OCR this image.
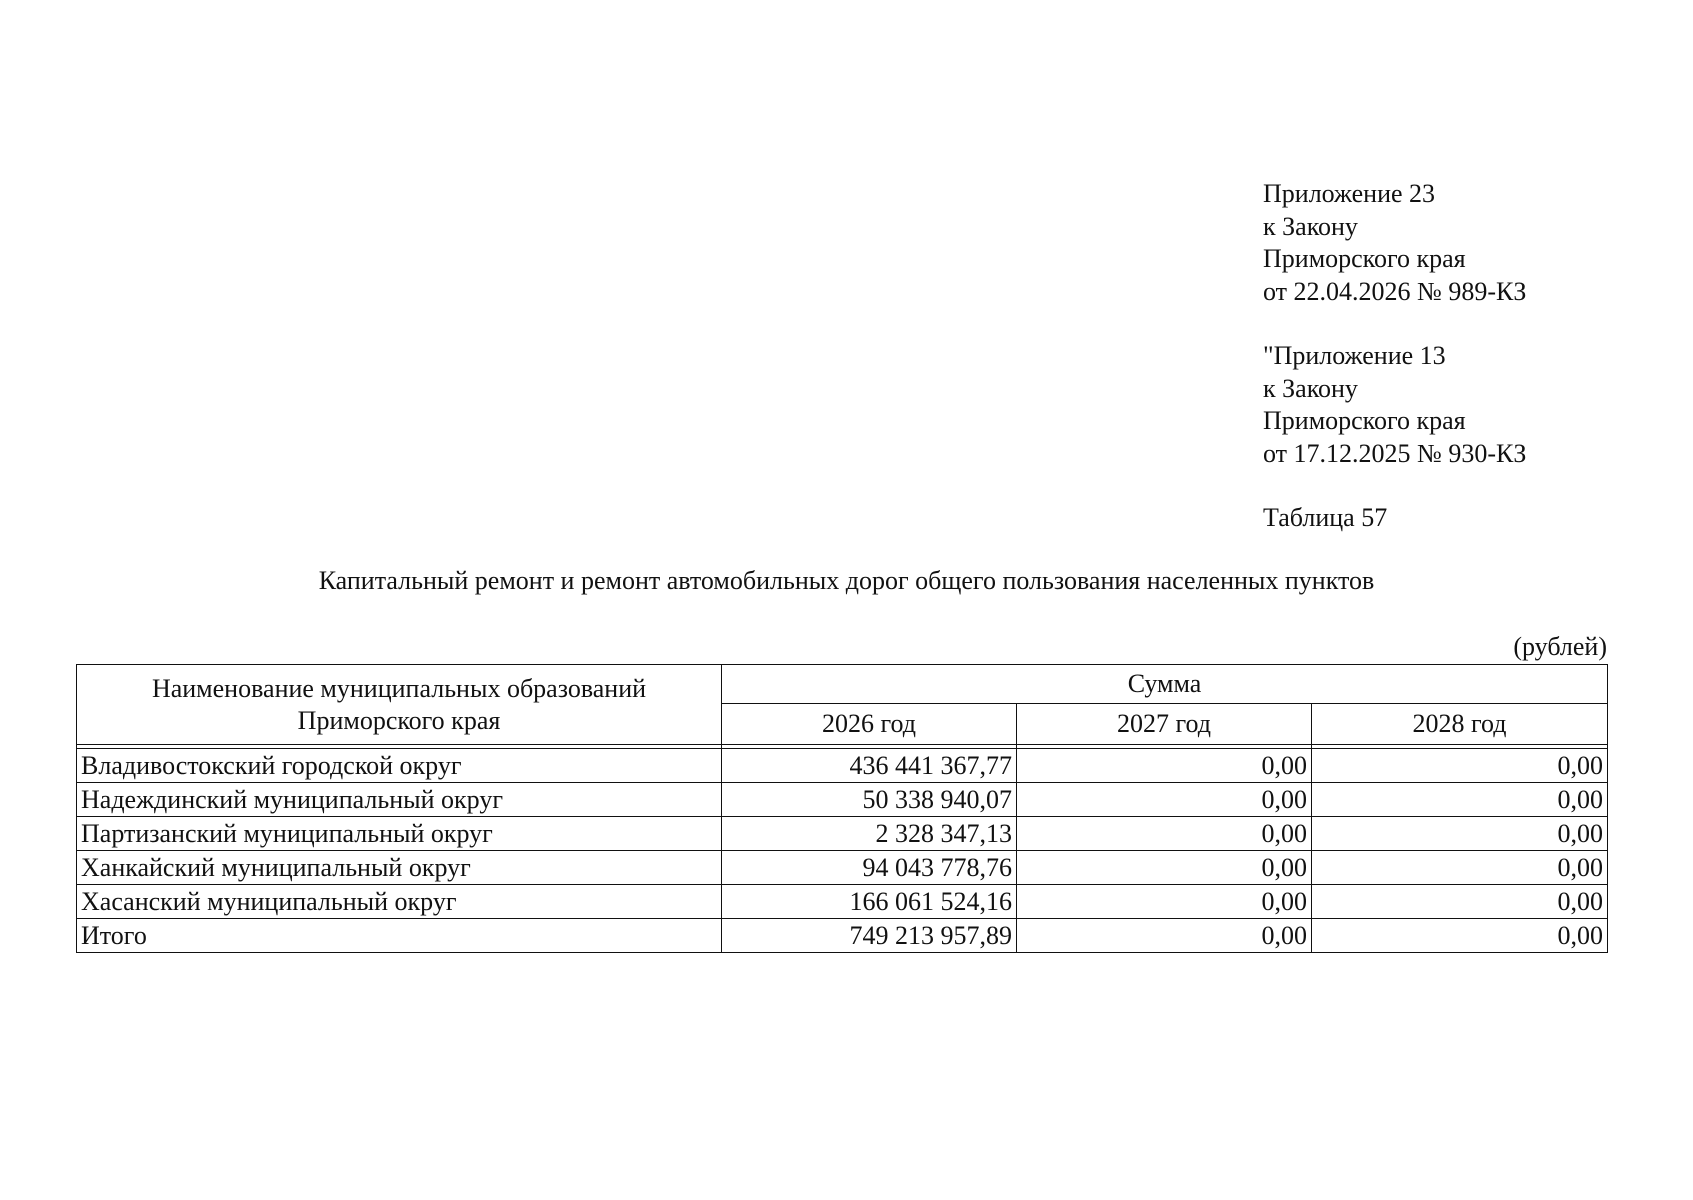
Приложение 23
к Закону
Приморского края
от 22.04.2026 № 989-КЗ
"Приложение 13
к Закону
Приморского края
от 17.12.2025 № 930-КЗ
Таблица 57
Капитальный ремонт и ремонт автомобильных дорог общего пользования населенных пунктов
(рублей)
Наименование муниципальных образований
Приморского края	Сумма		
	2026 год	2027 год	2028 год

Владивостокский городской округ	436 441 367,77	0,00	0,00
Надеждинский муниципальный округ	50 338 940,07	0,00	0,00
Партизанский муниципальный округ	2 328 347,13	0,00	0,00
Ханкайский муниципальный округ	94 043 778,76	0,00	0,00
Хасанский муниципальный округ	166 061 524,16	0,00	0,00
Итого	749 213 957,89	0,00	0,00
